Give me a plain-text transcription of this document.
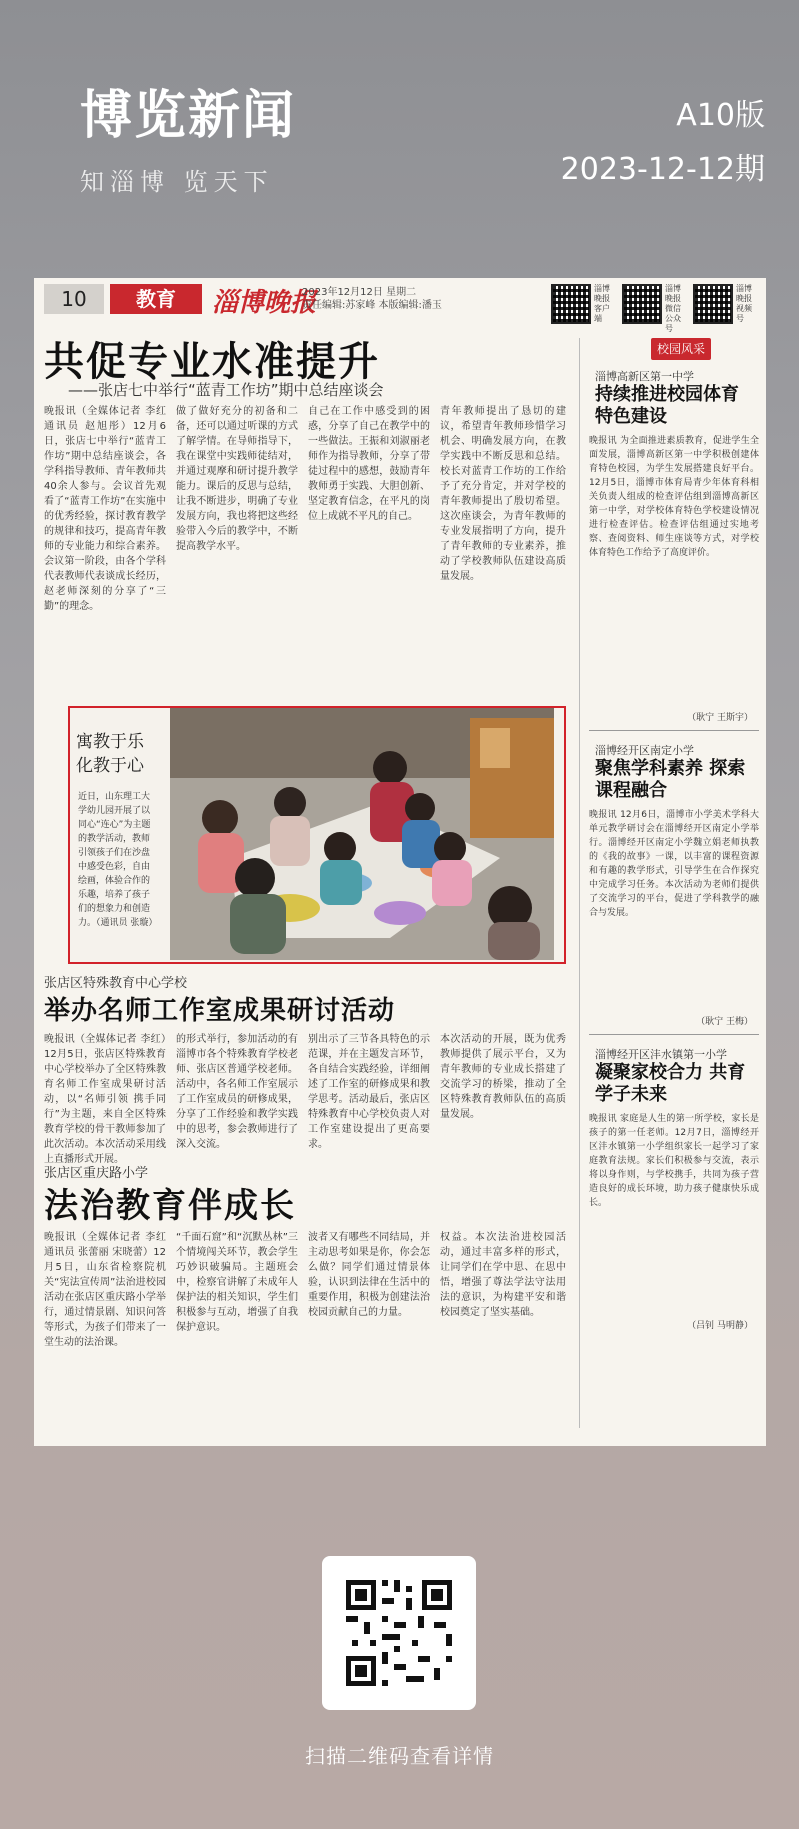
博览新闻
知淄博 览天下
A10版
2023-12-12期
10	教育	淄博晚报
2023年12月12日 星期二
责任编辑:苏家峰 本版编辑:潘玉
淄博晚报客户端
淄博晚报微信公众号
淄博晚报视频号
共促专业水准提升
——张店七中举行“蓝青工作坊”期中总结座谈会
晚报讯（全媒体记者 李红 通讯员 赵旭彤）12月6日，张店七中举行“蓝青工作坊”期中总结座谈会，各学科指导教师、青年教师共40余人参与。会议首先观看了“蓝青工作坊”在实施中的优秀经验，探讨教育教学的规律和技巧，提高青年教师的专业能力和综合素养。会议第一阶段，由各个学科代表教师代表谈成长经历，赵老师深刻的分享了“三勤”的理念。
做了做好充分的初备和二备，还可以通过听课的方式了解学情。在导师指导下，我在课堂中实践师徒结对，并通过观摩和研讨提升教学能力。课后的反思与总结，让我不断进步，明确了专业发展方向，我也将把这些经验带入今后的教学中，不断提高教学水平。
自己在工作中感受到的困惑，分享了自己在教学中的一些做法。王振和刘淑丽老师作为指导教师，分享了带徒过程中的感想，鼓励青年教师勇于实践、大胆创新、坚定教育信念，在平凡的岗位上成就不平凡的自己。
青年教师提出了恳切的建议，希望青年教师珍惜学习机会、明确发展方向，在教学实践中不断反思和总结。校长对蓝青工作坊的工作给予了充分肯定，并对学校的青年教师提出了殷切希望。这次座谈会，为青年教师的专业发展指明了方向，提升了青年教师的专业素养，推动了学校教师队伍建设高质量发展。
寓教于乐 化教于心
近日，山东理工大学幼儿园开展了以同心“连心”为主题的教学活动，教师引领孩子们在沙盘中感受色彩，自由绘画，体验合作的乐趣，培养了孩子们的想象力和创造力。（通讯员 张璇）
张店区特殊教育中心学校
举办名师工作室成果研讨活动
晚报讯（全媒体记者 李红）12月5日，张店区特殊教育中心学校举办了全区特殊教育名师工作室成果研讨活动，以“名师引领 携手同行”为主题，来自全区特殊教育学校的骨干教师参加了此次活动。本次活动采用线上直播形式开展。
的形式举行，参加活动的有淄博市各个特殊教育学校老师、张店区普通学校老师。活动中，各名师工作室展示了工作室成员的研修成果，分享了工作经验和教学实践中的思考，参会教师进行了深入交流。
别出示了三节各具特色的示范课，并在主题发言环节，各自结合实践经验，详细阐述了工作室的研修成果和教学思考。活动最后，张店区特殊教育中心学校负责人对工作室建设提出了更高要求。
本次活动的开展，既为优秀教师提供了展示平台，又为青年教师的专业成长搭建了交流学习的桥梁，推动了全区特殊教育教师队伍的高质量发展。
张店区重庆路小学
法治教育伴成长
晚报讯（全媒体记者 李红 通讯员 张蕾丽 宋晓蕾）12月5日，山东省检察院机关“宪法宣传周”法治进校园活动在张店区重庆路小学举行，通过情景剧、知识问答等形式，为孩子们带来了一堂生动的法治课。
“千面石窟”和“沉默丛林”三个情境闯关环节，教会学生巧妙识破骗局。主题班会中，检察官讲解了未成年人保护法的相关知识，学生们积极参与互动，增强了自我保护意识。
波者又有哪些不同结局，并主动思考如果是你，你会怎么做？同学们通过情景体验，认识到法律在生活中的重要作用，积极为创建法治校园贡献自己的力量。
权益。本次法治进校园活动，通过丰富多样的形式，让同学们在学中思、在思中悟，增强了尊法学法守法用法的意识，为构建平安和谐校园奠定了坚实基础。
校园风采
淄博高新区第一中学
持续推进校园体育特色建设
晚报讯 为全面推进素质教育，促进学生全面发展，淄博高新区第一中学积极创建体育特色校园，为学生发展搭建良好平台。12月5日，淄博市体育局青少年体育科相关负责人组成的检查评估组到淄博高新区第一中学，对学校体育特色学校建设情况进行检查评估。检查评估组通过实地考察、查阅资料、师生座谈等方式，对学校体育特色工作给予了高度评价。
（耿宁 王斯宇）
淄博经开区南定小学
聚焦学科素养 探索课程融合
晚报讯 12月6日，淄博市小学美术学科大单元教学研讨会在淄博经开区南定小学举行。淄博经开区南定小学魏立娟老师执教的《我的故事》一课，以丰富的课程资源和有趣的教学形式，引导学生在合作探究中完成学习任务。本次活动为老师们提供了交流学习的平台，促进了学科教学的融合与发展。
（耿宁 王梅）
淄博经开区沣水镇第一小学
凝聚家校合力 共育学子未来
晚报讯 家庭是人生的第一所学校，家长是孩子的第一任老师。12月7日，淄博经开区沣水镇第一小学组织家长一起学习了家庭教育法规。家长们积极参与交流，表示将以身作则，与学校携手，共同为孩子营造良好的成长环境，助力孩子健康快乐成长。
（吕钊 马明静）
扫描二维码查看详情
